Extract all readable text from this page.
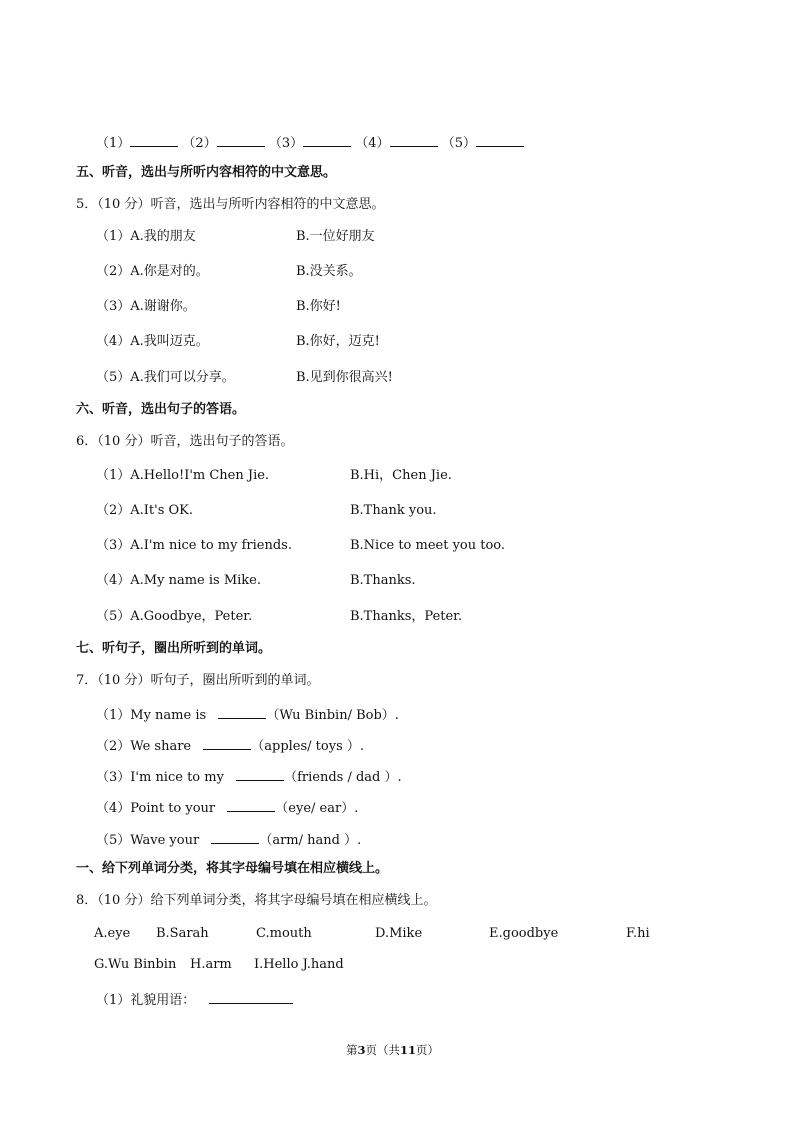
（1）	（2）	（3）	（4）	（5）
五、听音，选出与所听内容相符的中文意思。
5．（10 分）听音，选出与所听内容相符的中文意思。
（1）A.我的朋友	B.一位好朋友
（2）A.你是对的。	B.没关系。
（3）A.谢谢你。	B.你好!
（4）A.我叫迈克。	B.你好，迈克!
（5）A.我们可以分享。	B.见到你很高兴!
六、听音，选出句子的答语。
6．（10 分）听音，选出句子的答语。
（1）A.Hello!I'm Chen Jie.	B.Hi，Chen Jie.
（2）A.It's OK.	B.Thank you.
（3）A.I'm nice to my friends.	B.Nice to meet you too.
（4）A.My name is Mike.	B.Thanks.
（5）A.Goodbye，Peter.	B.Thanks，Peter.
七、听句子，圈出所听到的单词。
7．（10 分）听句子，圈出所听到的单词。
（1）My name is	（Wu Binbin/ Bob）.
（2）We share	（apples/ toys ）.
（3）I'm nice to my	（friends / dad ）.
（4）Point to your	（eye/ ear）.
（5）Wave your	（arm/ hand ）.
一、给下列单词分类，将其字母编号填在相应横线上。
8．（10 分）给下列单词分类，将其字母编号填在相应横线上。
A.eye B.Sarah	C.mouth	D.Mike	E.goodbye	F.hi
G.Wu Binbin H.arm I.Hello J.hand
（1）礼貌用语：
第3页（共11页）
